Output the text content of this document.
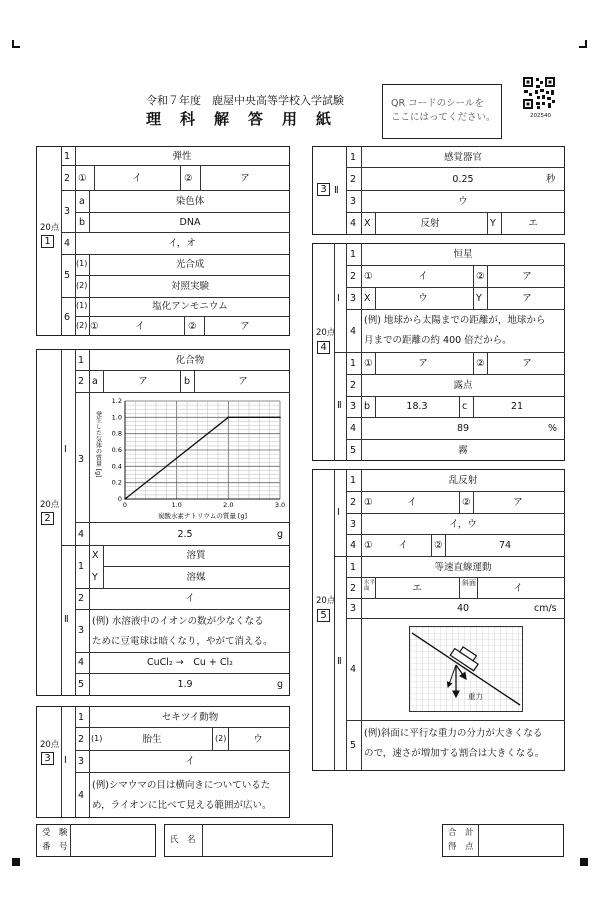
令和７年度　鹿屋中央高等学校入学試験
理　科　解　答　用　紙
QR コードのシールを
ここにはってください。	202540
20点
1
1	弾性
2 ①	イ	②	ア
3
a	染色体
b	DNA
4	イ，オ
5
(1)	光合成
(2)	対照実験
6
(1)	塩化アンモニウム
(2) ①	イ	②	ア
20点
2
Ⅰ
Ⅱ
1	化合物
2 a	ア	b	ア
3
0	1.0	2.0	3.0
0
0.2
0.4
0.6
0.8
1.0
1.2
炭酸水素ナトリウムの質量 [g]
発生した気体の質量 [g]
4	2.5	g
1
X	溶質
Y	溶媒
2	イ
3
(例) 水溶液中のイオンの数が少なくなる
ために豆電球は暗くなり，やがて消える。
4	CuCl₂ →　Cu + Cl₂
5	1.9	g
20点
3	Ⅰ
1	セキツイ動物
2 (1)	胎生	(2)	ウ
3	イ
4
(例)シマウマの目は横向きについているた
め，ライオンに比べて見える範囲が広い。
3 Ⅱ
1	感覚器官
2	0.25	秒
3	ウ
4 X	反射	Y	エ
20点
4
Ⅰ
Ⅱ
1	恒星
2 ①	イ	②	ア
3 X	ウ	Y	ア
4
(例) 地球から太陽までの距離が，地球から
月までの距離の約 400 倍だから。
1 ①	ア	②	ア
2	露点
3 b	18.3	c	21
4	89	%
5	霧
20点
5
Ⅰ
Ⅱ
1	乱反射
2 ①	イ	②	ア
3	イ，ウ
4 ①	イ	②	74
1	等速直線運動
2 水平面	エ	斜面	イ
3	40	cm/s
4
5
(例)斜面に平行な重力の分力が大きくなる
ので，速さが増加する割合は大きくなる。
重力
受　験
番　号
氏　名
合　計
得　点
